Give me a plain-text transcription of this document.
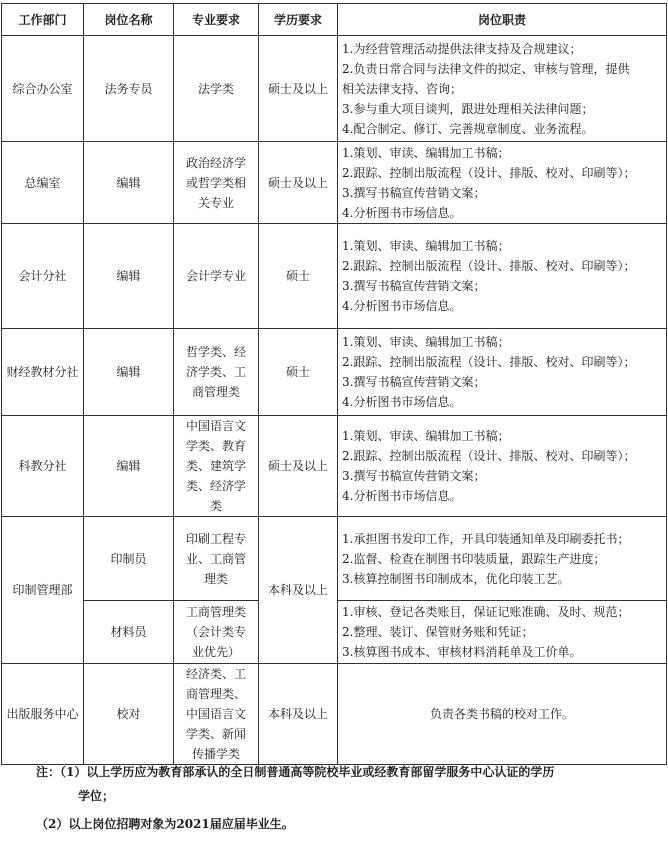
工作部门	岗位名称	专业要求	学历要求	岗位职责
综合办公室	法务专员	法学类	硕士及以上	1.为经营管理活动提供法律支持及合规建议；
2.负责日常合同与法律文件的拟定、审核与管理，提供
相关法律支持、咨询；
3.参与重大项目谈判，跟进处理相关法律问题；
4.配合制定、修订、完善规章制度、业务流程。

总编室	编辑	政治经济学
或哲学类相
关专业	硕士及以上	1.策划、审读、编辑加工书稿；
2.跟踪、控制出版流程（设计、排版、校对、印刷等）；
3.撰写书稿宣传营销文案；
4.分析图书市场信息。

会计分社	编辑	会计学专业	硕士	1.策划、审读、编辑加工书稿；
2.跟踪、控制出版流程（设计、排版、校对、印刷等）；
3.撰写书稿宣传营销文案；
4.分析图书市场信息。

财经教材分社	编辑	哲学类、经
济学类、工
商管理类	硕士	1.策划、审读、编辑加工书稿；
2.跟踪、控制出版流程（设计、排版、校对、印刷等）；
3.撰写书稿宣传营销文案；
4.分析图书市场信息。

科教分社	编辑	中国语言文
学类、教育
类、建筑学
类、经济学
类	硕士及以上	1.策划、审读、编辑加工书稿；
2.跟踪、控制出版流程（设计、排版、校对、印刷等）；
3.撰写书稿宣传营销文案；
4.分析图书市场信息。

印制管理部	印制员	印刷工程专
业、工商管
理类	本科及以上	1.承担图书发印工作，开具印装通知单及印刷委托书；
2.监督、检查在制图书印装质量，跟踪生产进度；
3.核算控制图书印制成本，优化印装工艺。

	材料员	工商管理类
（会计类专
业优先）		1.审核、登记各类账目，保证记账准确、及时、规范；
2.整理、装订、保管财务账和凭证；
3.核算图书成本、审核材料消耗单及工价单。

出版服务中心	校对	经济类、工
商管理类、
中国语言文
学类、新闻
传播学类	本科及以上	负责各类书稿的校对工作。
注：（1）以上学历应为教育部承认的全日制普通高等院校毕业或经教育部留学服务中心认证的学历
学位；
（2）以上岗位招聘对象为2021届应届毕业生。
